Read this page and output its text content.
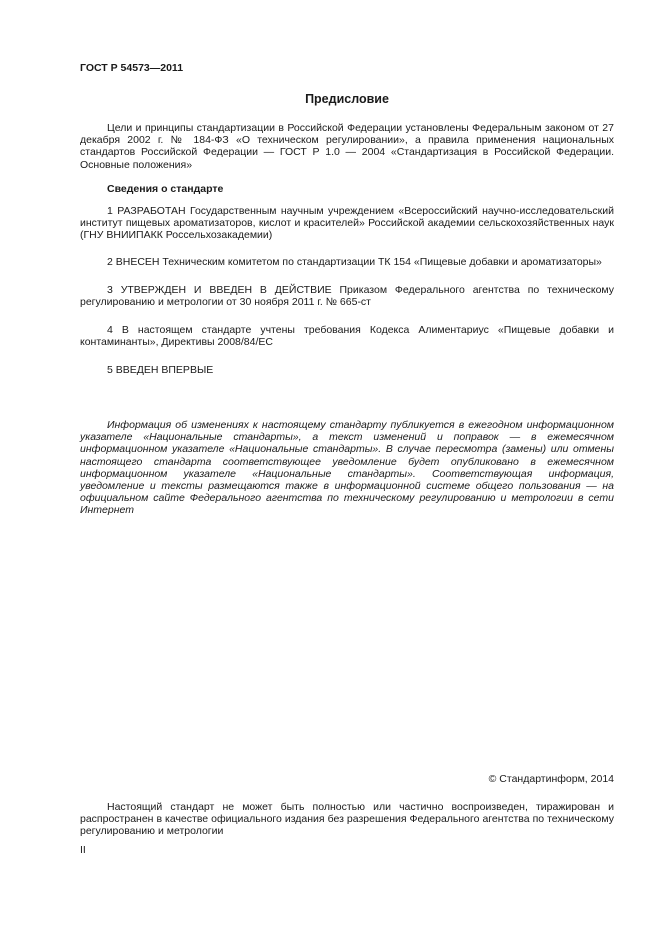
ГОСТ Р 54573—2011
Предисловие

Цели и принципы стандартизации в Российской Федерации установлены Федеральным законом от 27 декабря 2002 г. № 184-ФЗ «О техническом регулировании», а правила применения национальных стандартов Российской Федерации — ГОСТ Р 1.0 — 2004 «Стандартизация в Российской Федерации. Основные положения»

Сведения о стандарте

1 РАЗРАБОТАН Государственным научным учреждением «Всероссийский научно-исследовательский институт пищевых ароматизаторов, кислот и красителей» Российской академии сельскохозяйственных наук (ГНУ ВНИИПАКК Россельхозакадемии)

2 ВНЕСЕН Техническим комитетом по стандартизации ТК 154 «Пищевые добавки и ароматизаторы»

3 УТВЕРЖДЕН И ВВЕДЕН В ДЕЙСТВИЕ Приказом Федерального агентства по техническому регулированию и метрологии от 30 ноября 2011 г. № 665-ст

4 В настоящем стандарте учтены требования Кодекса Алиментариус «Пищевые добавки и контаминанты», Директивы 2008/84/ЕС

5 ВВЕДЕН ВПЕРВЫЕ

Информация об изменениях к настоящему стандарту публикуется в ежегодном информационном указателе «Национальные стандарты», а текст изменений и поправок — в ежемесячном информационном указателе «Национальные стандарты». В случае пересмотра (замены) или отмены настоящего стандарта соответствующее уведомление будет опубликовано в ежемесячном информационном указателе «Национальные стандарты». Соответствующая информация, уведомление и тексты размещаются также в информационной системе общего пользования — на официальном сайте Федерального агентства по техническому регулированию и метрологии в сети Интернет

© Стандартинформ, 2014

Настоящий стандарт не может быть полностью или частично воспроизведен, тиражирован и распространен в качестве официального издания без разрешения Федерального агентства по техническому регулированию и метрологии

II
